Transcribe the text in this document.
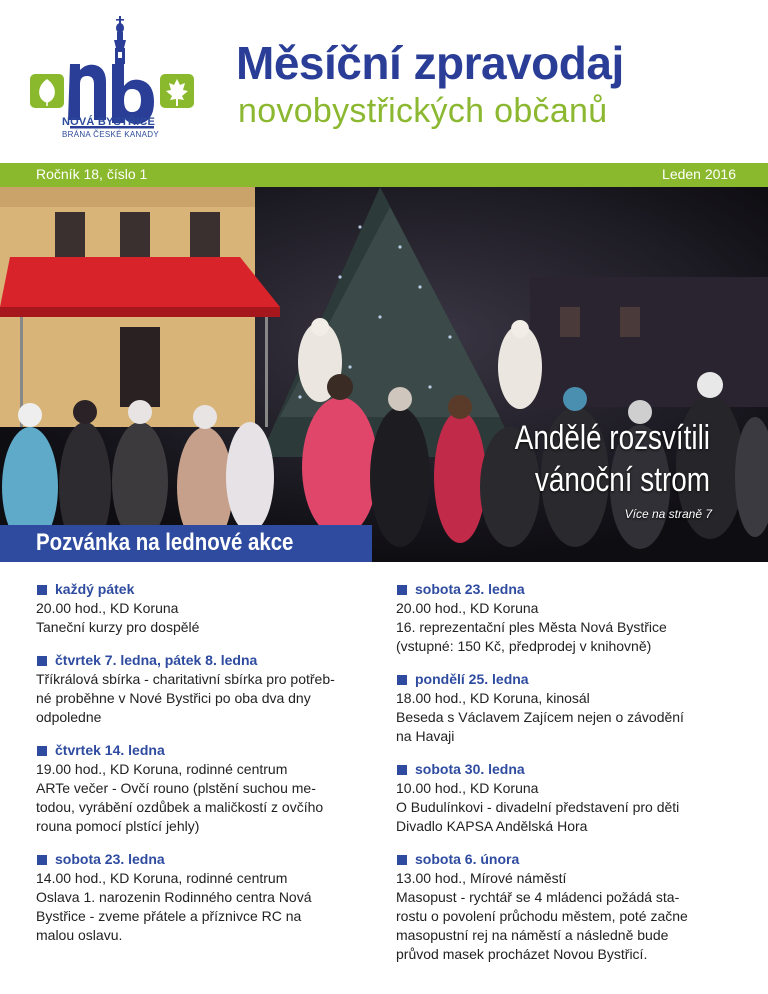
NOVÁ BYSTŘICE
BRÁNA ČESKÉ KANADY
Měsíční zpravodaj
novobystřických občanů
Ročník 18, číslo 1	Leden 2016
Andělé rozsvítili
vánoční strom
Více na straně 7
Pozvánka na lednové akce
každý pátek
20.00 hod., KD Koruna
Taneční kurzy pro dospělé
čtvrtek 7. ledna, pátek 8. ledna
Tříkrálová sbírka - charitativní sbírka pro potřeb-
né proběhne v Nové Bystřici po oba dva dny
odpoledne
čtvrtek 14. ledna
19.00 hod., KD Koruna, rodinné centrum
ARTe večer - Ovčí rouno (plstění suchou me-
todou, vyrábění ozdůbek a maličkostí z ovčího
rouna pomocí plstící jehly)
sobota 23. ledna
14.00 hod., KD Koruna, rodinné centrum
Oslava 1. narozenin Rodinného centra Nová
Bystřice - zveme přátele a příznivce RC na
malou oslavu.
sobota 23. ledna
20.00 hod., KD Koruna
16. reprezentační ples Města Nová Bystřice
(vstupné: 150 Kč, předprodej v knihovně)
pondělí 25. ledna
18.00 hod., KD Koruna, kinosál
Beseda s Václavem Zajícem nejen o závodění
na Havaji
sobota 30. ledna
10.00 hod., KD Koruna
O Budulínkovi - divadelní představení pro děti
Divadlo KAPSA Andělská Hora
sobota 6. února
13.00 hod., Mírové náměstí
Masopust - rychtář se 4 mládenci požádá sta-
rostu o povolení průchodu městem, poté začne
masopustní rej na náměstí a následně bude
průvod masek procházet Novou Bystřicí.
